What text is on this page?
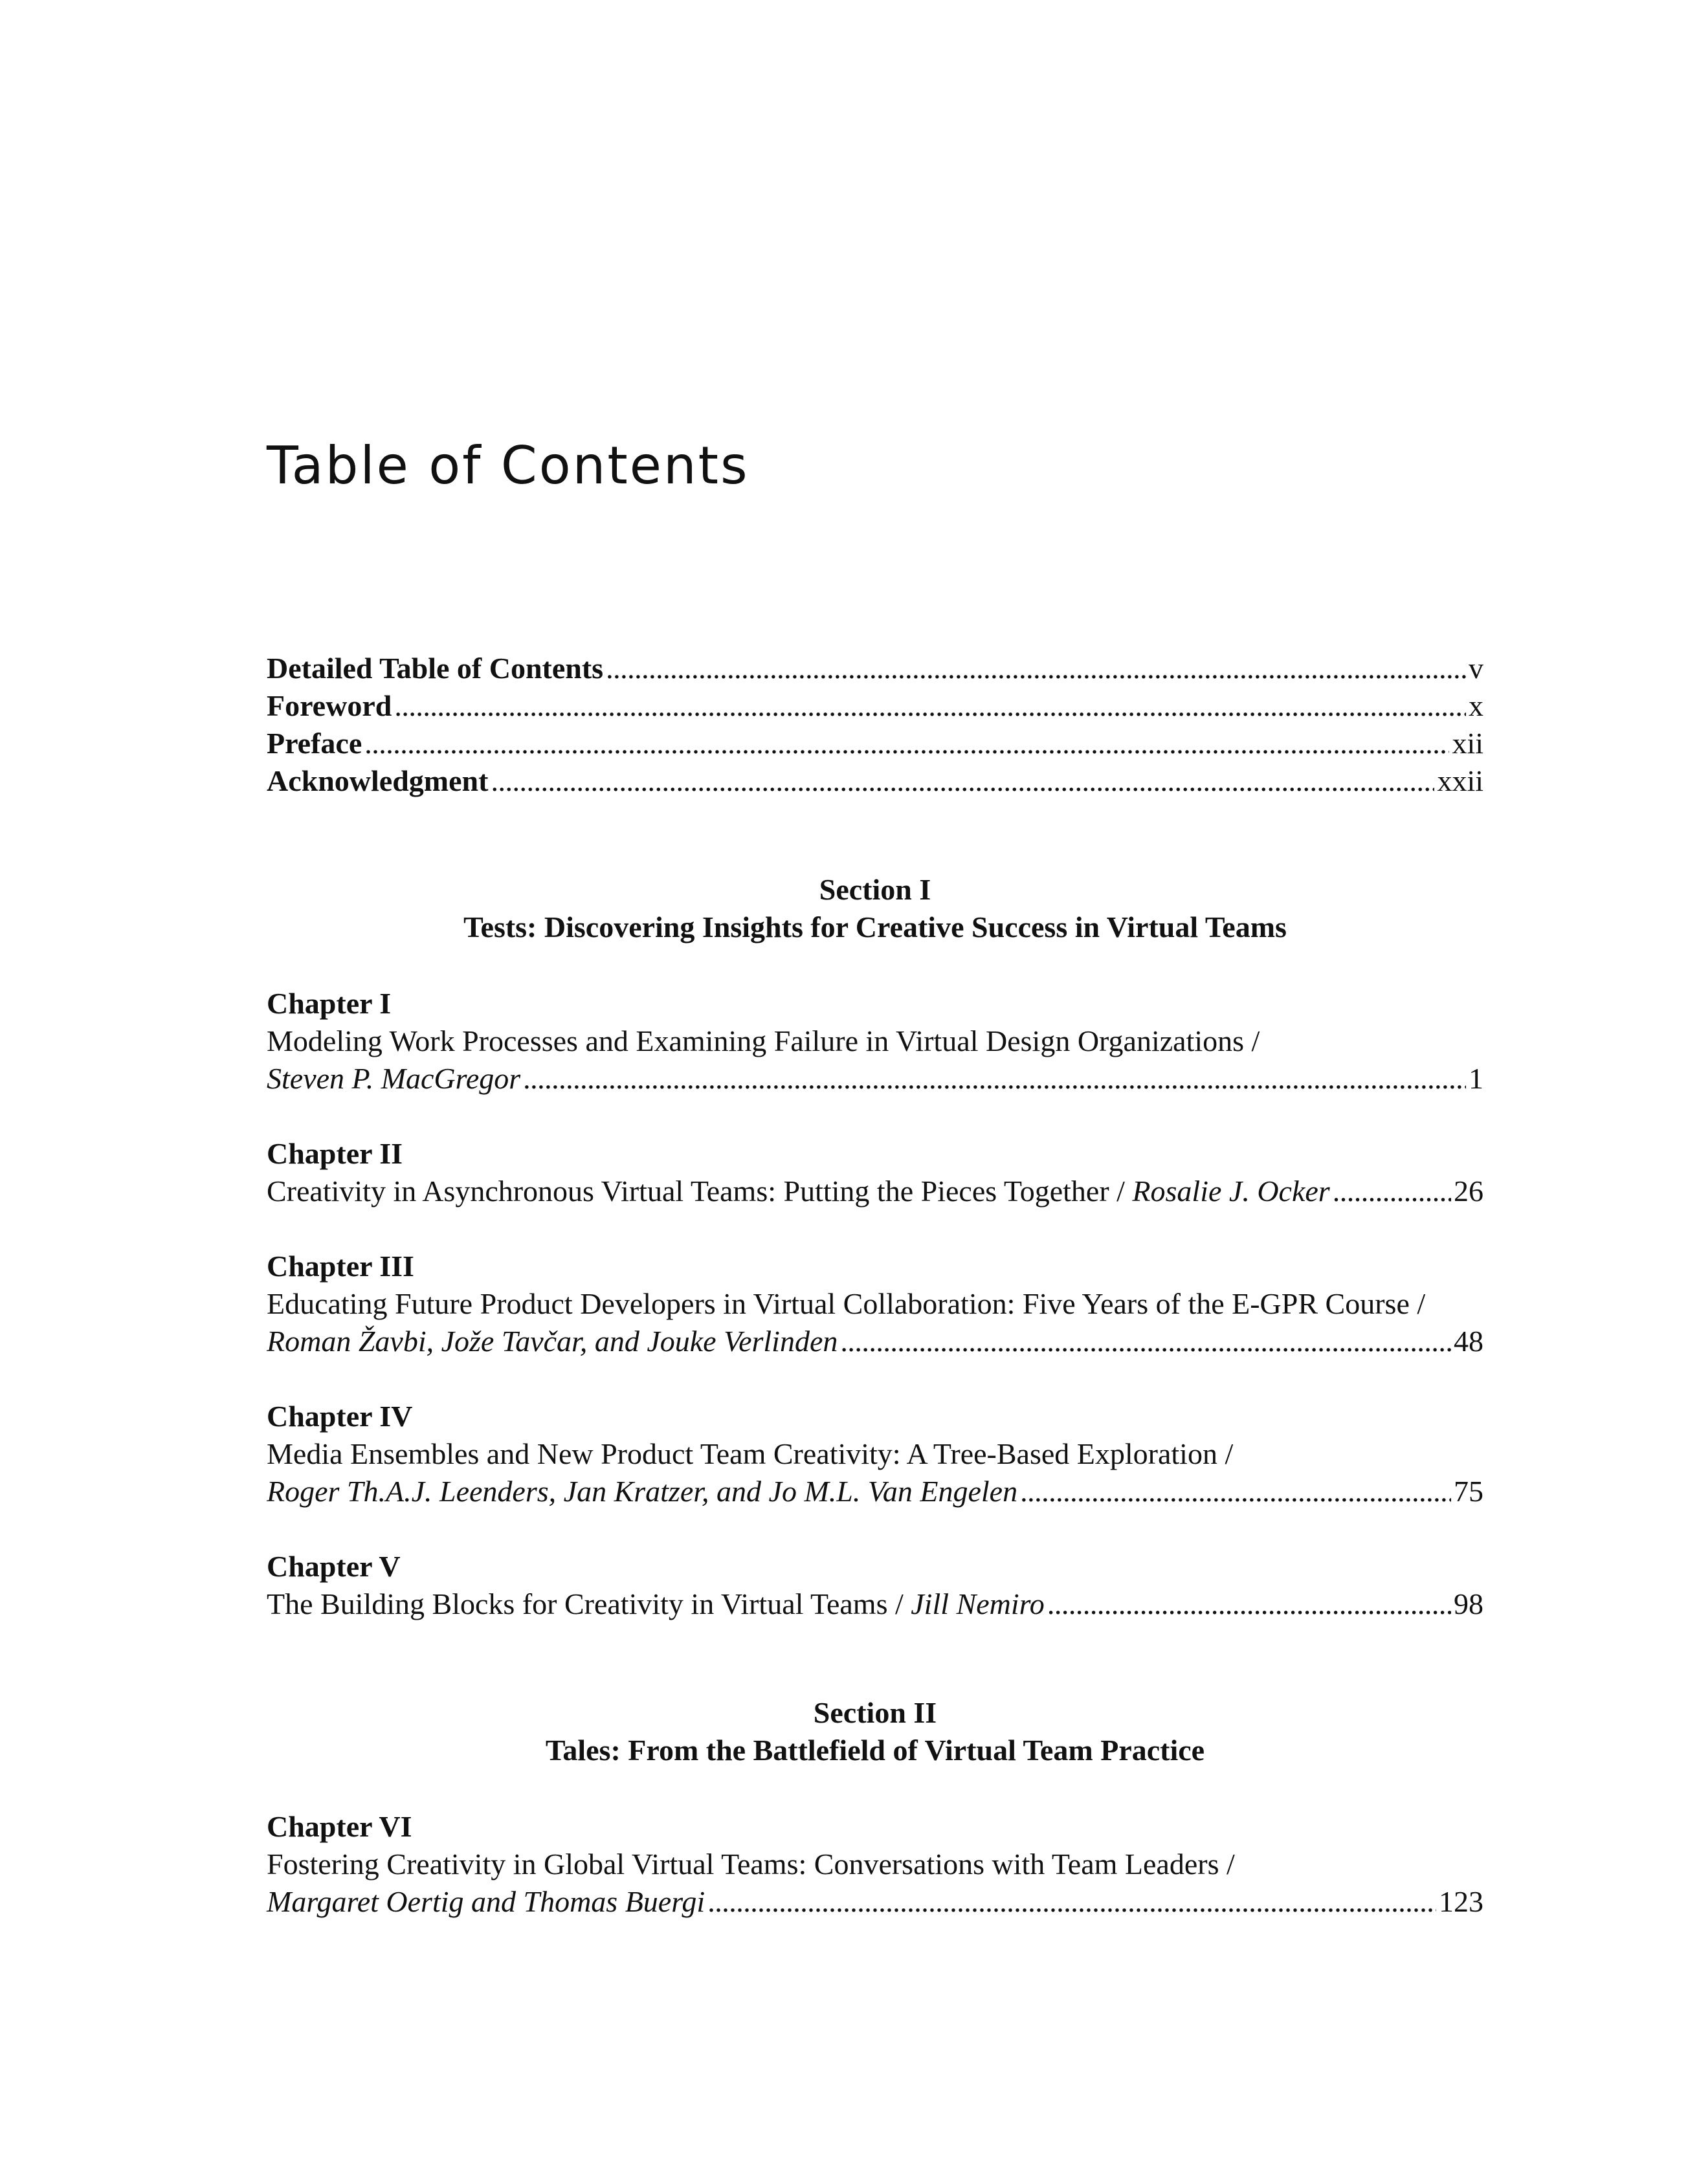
Table of Contents
Detailed Table of Contents . . .	v
Foreword . . .	x
Preface . . .	xii
Acknowledgment . . .	xxii
Section I
Tests: Discovering Insights for Creative Success in Virtual Teams
Chapter I
Modeling Work Processes and Examining Failure in Virtual Design Organizations /
Steven P. MacGregor . . .	1
Chapter II
Creativity in Asynchronous Virtual Teams: Putting the Pieces Together /
Rosalie J. Ocker . . .	26
Chapter III
Educating Future Product Developers in Virtual Collaboration: Five Years of the E-GPR Course /
Roman Žavbi, Jože Tavčar, and Jouke Verlinden . . .	48
Chapter IV
Media Ensembles and New Product Team Creativity: A Tree-Based Exploration /
Roger Th.A.J. Leenders, Jan Kratzer, and Jo M.L. Van Engelen . . .	75
Chapter V
The Building Blocks for Creativity in Virtual Teams /
Jill Nemiro . . .	98
Section II
Tales: From the Battlefield of Virtual Team Practice
Chapter VI
Fostering Creativity in Global Virtual Teams: Conversations with Team Leaders /
Margaret Oertig and Thomas Buergi . . .	123
